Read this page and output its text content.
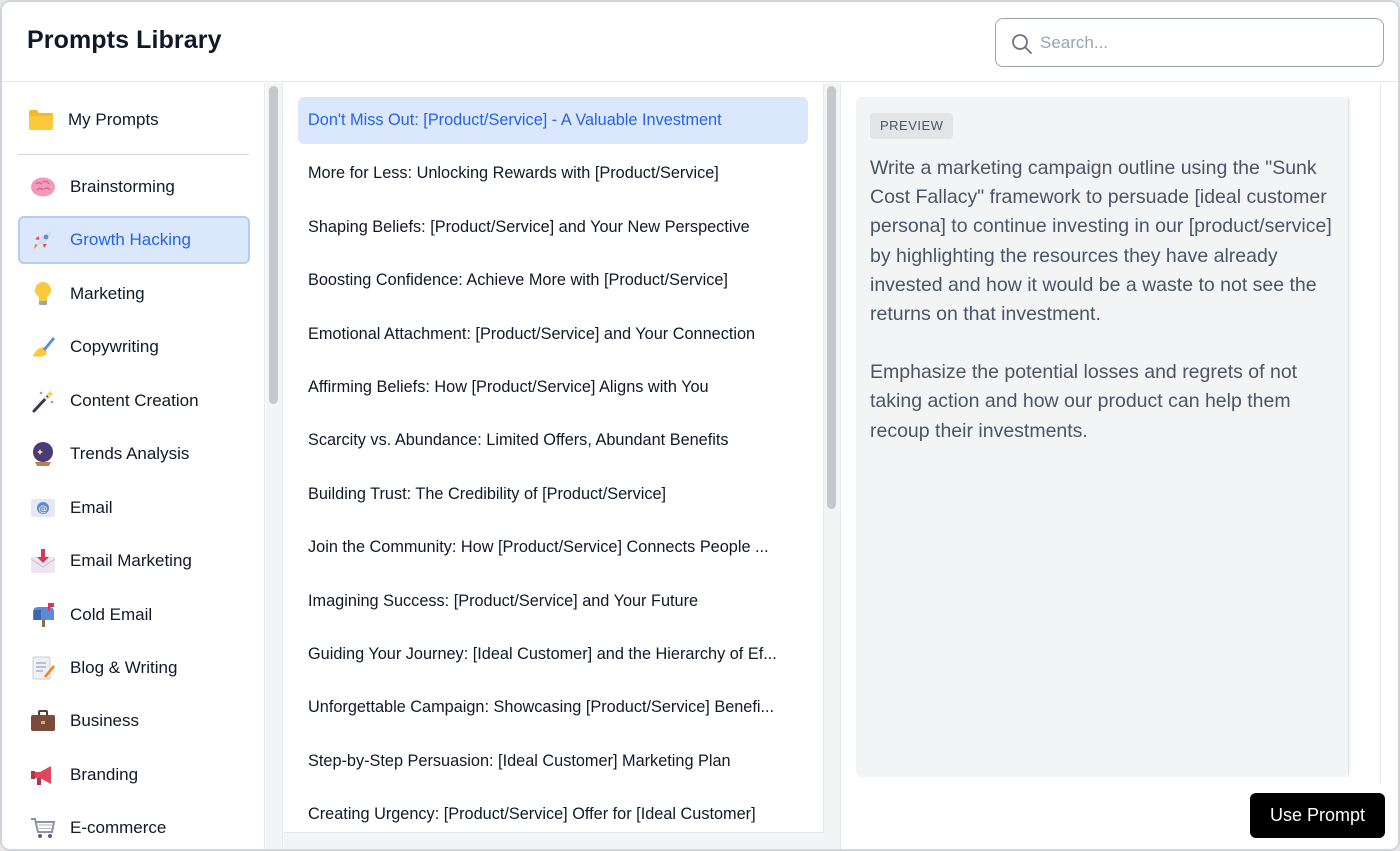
Prompts Library
Search...
My Prompts
Brainstorming
Growth Hacking
Marketing
Copywriting
Content Creation
Trends Analysis
@ Email
Email Marketing
Cold Email
Blog & Writing
Business
Branding
E-commerce
Don't Miss Out: [Product/Service] - A Valuable Investment
More for Less: Unlocking Rewards with [Product/Service]
Shaping Beliefs: [Product/Service] and Your New Perspective
Boosting Confidence: Achieve More with [Product/Service]
Emotional Attachment: [Product/Service] and Your Connection
Affirming Beliefs: How [Product/Service] Aligns with You
Scarcity vs. Abundance: Limited Offers, Abundant Benefits
Building Trust: The Credibility of [Product/Service]
Join the Community: How [Product/Service] Connects People ...
Imagining Success: [Product/Service] and Your Future
Guiding Your Journey: [Ideal Customer] and the Hierarchy of Ef...
Unforgettable Campaign: Showcasing [Product/Service] Benefi...
Step-by-Step Persuasion: [Ideal Customer] Marketing Plan
Creating Urgency: [Product/Service] Offer for [Ideal Customer]
PREVIEW

Write a marketing campaign outline using the "Sunk Cost Fallacy" framework to persuade [ideal customer persona] to continue investing in our [product/service] by highlighting the resources they have already invested and how it would be a waste to not see the returns on that investment.

Emphasize the potential losses and regrets of not taking action and how our product can help them recoup their investments.

Use Prompt
